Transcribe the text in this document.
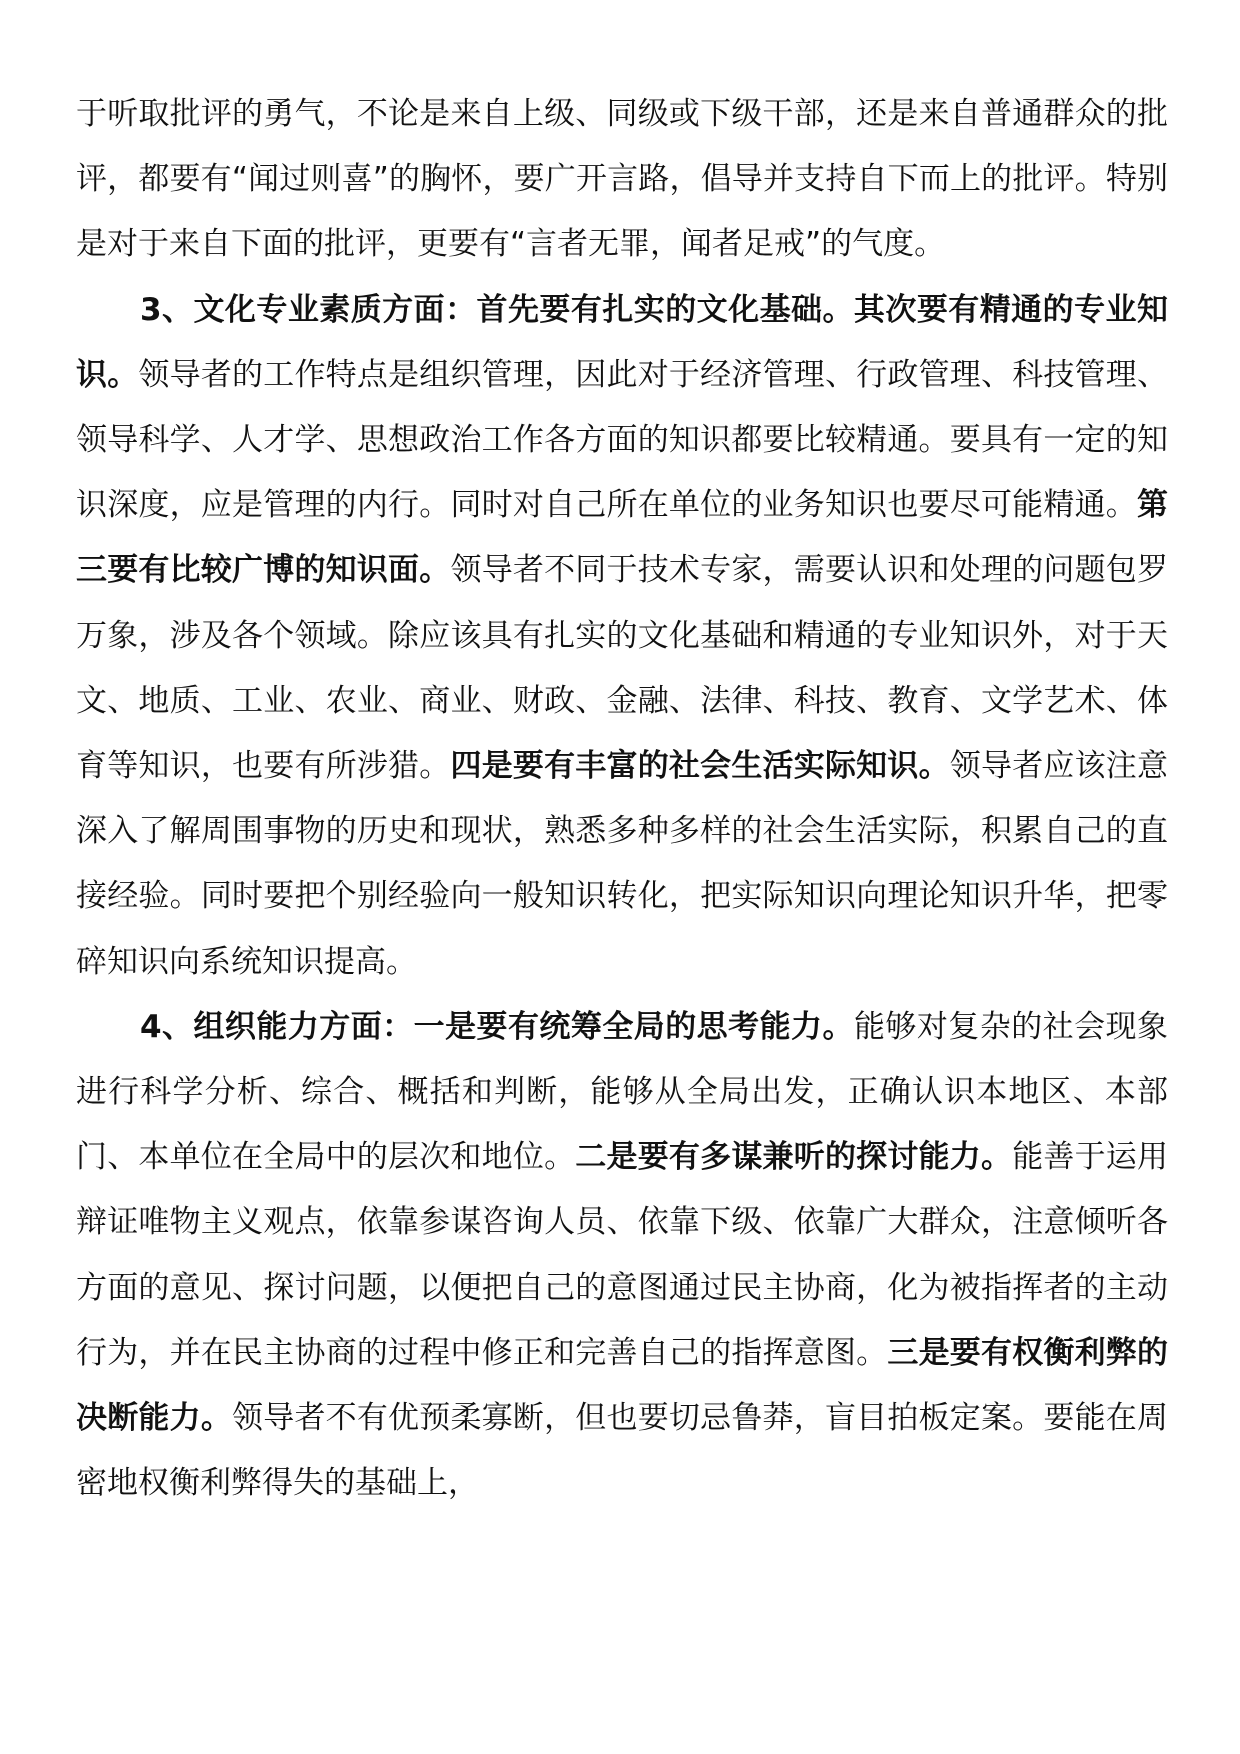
于听取批评的勇气，不论是来自上级、同级或下级干部，还是来自普通群众的批评，都要有“闻过则喜”的胸怀，要广开言路，倡导并支持自下而上的批评。特别是对于来自下面的批评，更要有“言者无罪，闻者足戒”的气度。

3、文化专业素质方面：首先要有扎实的文化基础。其次要有精通的专业知识。领导者的工作特点是组织管理，因此对于经济管理、行政管理、科技管理、领导科学、人才学、思想政治工作各方面的知识都要比较精通。要具有一定的知识深度，应是管理的内行。同时对自己所在单位的业务知识也要尽可能精通。第三要有比较广博的知识面。领导者不同于技术专家，需要认识和处理的问题包罗万象，涉及各个领域。除应该具有扎实的文化基础和精通的专业知识外，对于天文、地质、工业、农业、商业、财政、金融、法律、科技、教育、文学艺术、体育等知识，也要有所涉猎。四是要有丰富的社会生活实际知识。领导者应该注意深入了解周围事物的历史和现状，熟悉多种多样的社会生活实际，积累自己的直接经验。同时要把个别经验向一般知识转化，把实际知识向理论知识升华，把零碎知识向系统知识提高。

4、组织能力方面：一是要有统筹全局的思考能力。能够对复杂的社会现象进行科学分析、综合、概括和判断，能够从全局出发，正确认识本地区、本部门、本单位在全局中的层次和地位。二是要有多谋兼听的探讨能力。能善于运用辩证唯物主义观点，依靠参谋咨询人员、依靠下级、依靠广大群众，注意倾听各方面的意见、探讨问题，以便把自己的意图通过民主协商，化为被指挥者的主动行为，并在民主协商的过程中修正和完善自己的指挥意图。三是要有权衡利弊的决断能力。领导者不有优预柔寡断，但也要切忌鲁莽，盲目拍板定案。要能在周密地权衡利弊得失的基础上，
